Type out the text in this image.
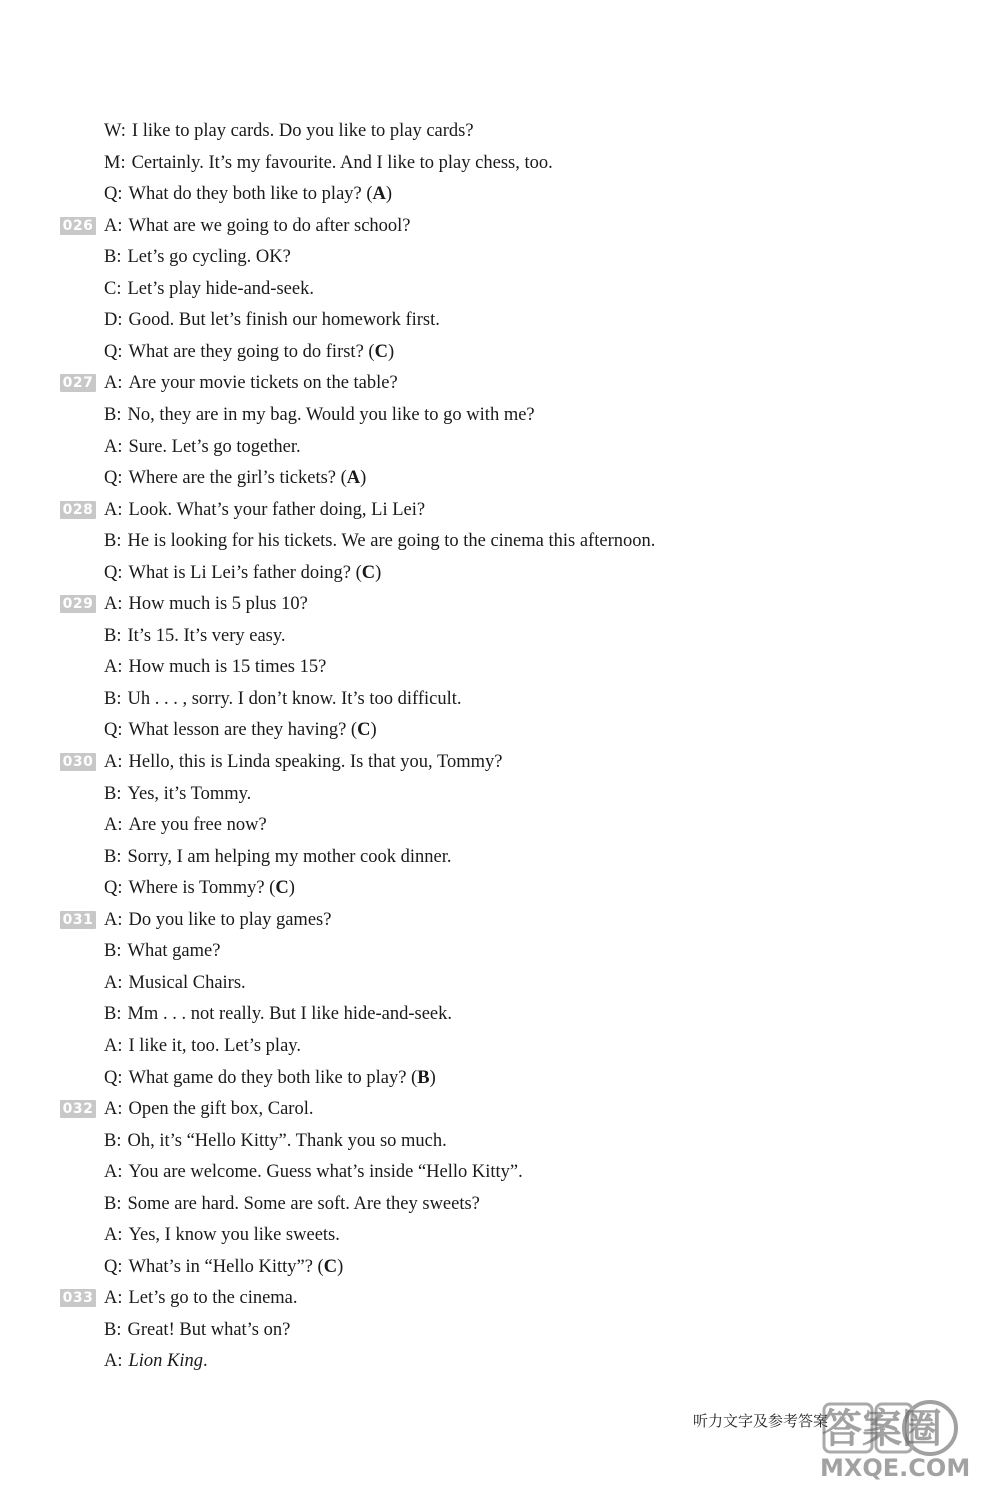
W: I like to play cards. Do you like to play cards?
M: Certainly. It’s my favourite. And I like to play chess, too.
Q: What do they both like to play? (A)
026 A: What are we going to do after school?
B: Let’s go cycling. OK?
C: Let’s play hide-and-seek.
D: Good. But let’s finish our homework first.
Q: What are they going to do first? (C)
027 A: Are your movie tickets on the table?
B: No, they are in my bag. Would you like to go with me?
A: Sure. Let’s go together.
Q: Where are the girl’s tickets? (A)
028 A: Look. What’s your father doing, Li Lei?
B: He is looking for his tickets. We are going to the cinema this afternoon.
Q: What is Li Lei’s father doing? (C)
029 A: How much is 5 plus 10?
B: It’s 15. It’s very easy.
A: How much is 15 times 15?
B: Uh . . . , sorry. I don’t know. It’s too difficult.
Q: What lesson are they having? (C)
030 A: Hello, this is Linda speaking. Is that you, Tommy?
B: Yes, it’s Tommy.
A: Are you free now?
B: Sorry, I am helping my mother cook dinner.
Q: Where is Tommy? (C)
031 A: Do you like to play games?
B: What game?
A: Musical Chairs.
B: Mm . . . not really. But I like hide-and-seek.
A: I like it, too. Let’s play.
Q: What game do they both like to play? (B)
032 A: Open the gift box, Carol.
B: Oh, it’s “Hello Kitty”. Thank you so much.
A: You are welcome. Guess what’s inside “Hello Kitty”.
B: Some are hard. Some are soft. Are they sweets?
A: Yes, I know you like sweets.
Q: What’s in “Hello Kitty”? (C)
033 A: Let’s go to the cinema.
B: Great! But what’s on?
A: Lion King.
听力文字及参考答案
答案圈
MXQE.COM
